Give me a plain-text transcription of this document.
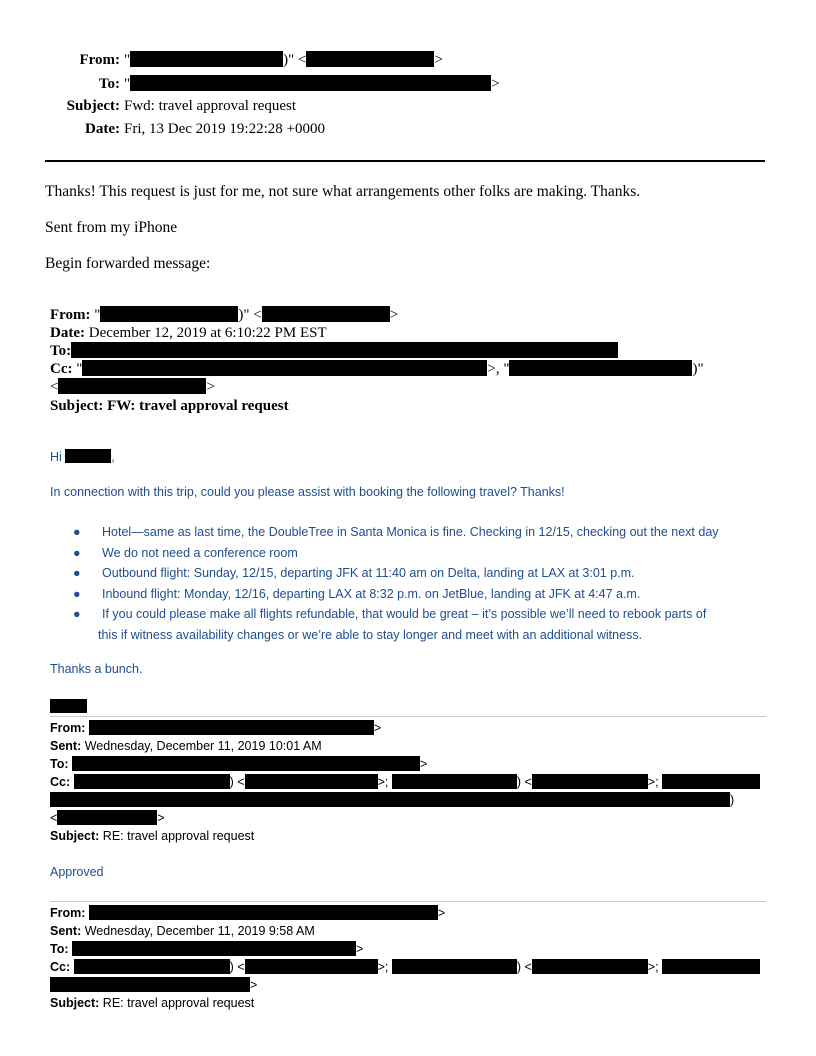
From: "	)" <	>
To: "	>
Subject: Fwd: travel approval request
Date: Fri, 13 Dec 2019 19:22:28 +0000
Thanks! This request is just for me, not sure what arrangements other folks are making. Thanks.
Sent from my iPhone
Begin forwarded message:
From: "	)" <	>
Date: December 12, 2019 at 6:10:22 PM EST
To:
Cc: "	>, "	)"
<	>
Subject: FW: travel approval request
Hi	,
In connection with this trip, could you please assist with booking the following travel? Thanks!
● Hotel—same as last time, the DoubleTree in Santa Monica is fine. Checking in 12/15, checking out the next day
● We do not need a conference room
● Outbound flight: Sunday, 12/15, departing JFK at 11:40 am on Delta, landing at LAX at 3:01 p.m.
● Inbound flight: Monday, 12/16, departing LAX at 8:32 p.m. on JetBlue, landing at JFK at 4:47 a.m.
● If you could please make all flights refundable, that would be great – it’s possible we’ll need to rebook parts of
this if witness availability changes or we’re able to stay longer and meet with an additional witness.
Thanks a bunch.
From:	>
Sent: Wednesday, December 11, 2019 10:01 AM
To:	>
Cc:	) <	>;	) <	>;
)
<	>
Subject: RE: travel approval request
Approved
From:	>
Sent: Wednesday, December 11, 2019 9:58 AM
To:	>
Cc:	) <	>;	) <	>;
>
Subject: RE: travel approval request
